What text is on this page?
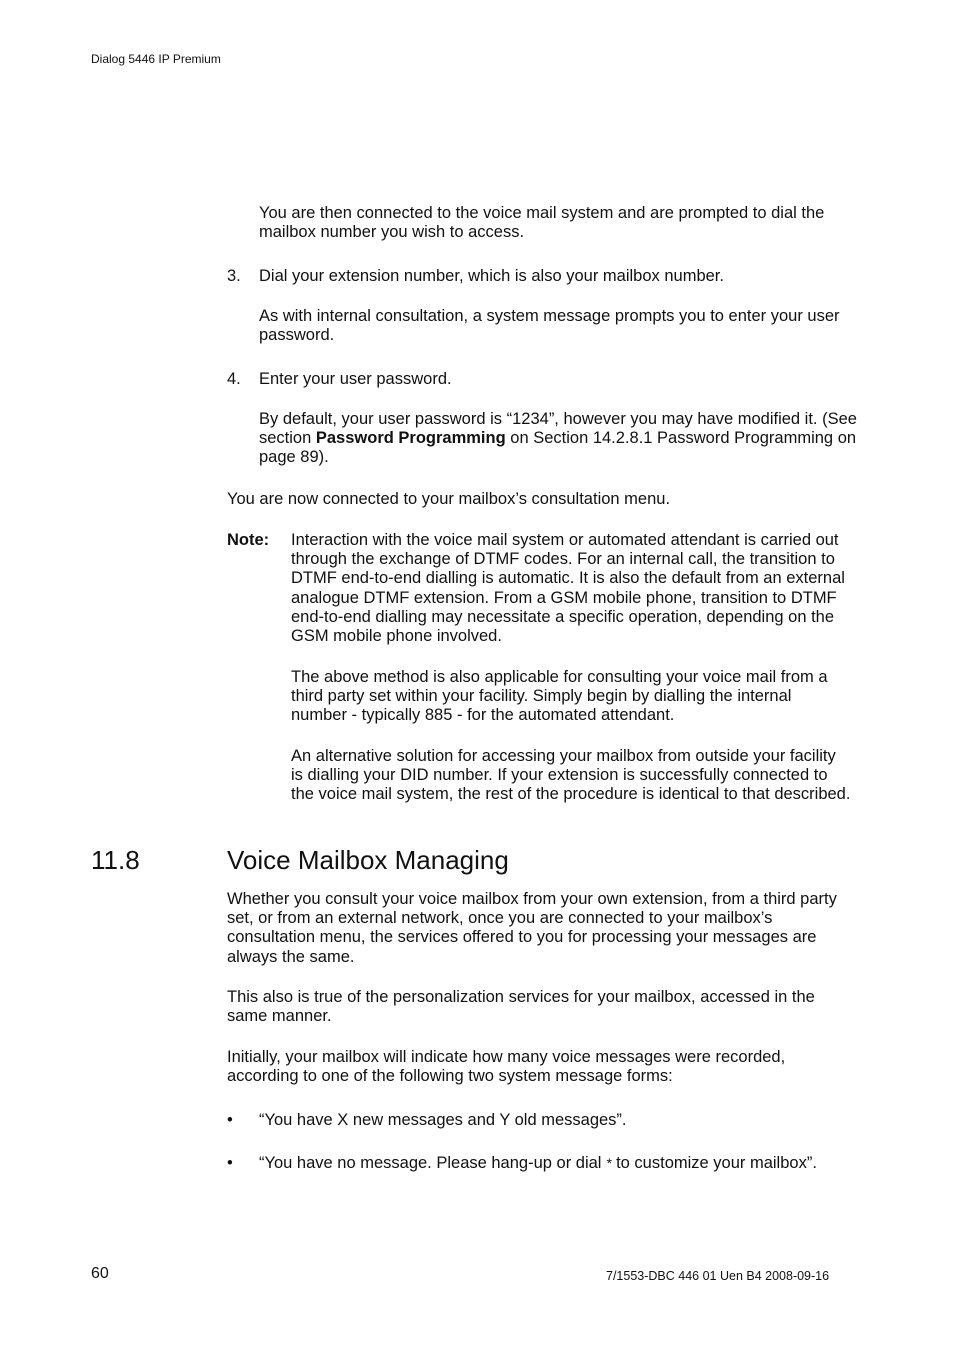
Dialog 5446 IP Premium
You are then connected to the voice mail system and are prompted to dial the mailbox number you wish to access.
3. Dial your extension number, which is also your mailbox number.
As with internal consultation, a system message prompts you to enter your user password.
4. Enter your user password.
By default, your user password is “1234”, however you may have modified it. (See section Password Programming on Section 14.2.8.1 Password Programming on page 89).
You are now connected to your mailbox’s consultation menu.
Note: Interaction with the voice mail system or automated attendant is carried out through the exchange of DTMF codes. For an internal call, the transition to DTMF end-to-end dialling is automatic. It is also the default from an external analogue DTMF extension. From a GSM mobile phone, transition to DTMF end-to-end dialling may necessitate a specific operation, depending on the GSM mobile phone involved.
The above method is also applicable for consulting your voice mail from a third party set within your facility. Simply begin by dialling the internal number - typically 885 - for the automated attendant.
An alternative solution for accessing your mailbox from outside your facility is dialling your DID number. If your extension is successfully connected to the voice mail system, the rest of the procedure is identical to that described.
11.8	Voice Mailbox Managing
Whether you consult your voice mailbox from your own extension, from a third party set, or from an external network, once you are connected to your mailbox’s consultation menu, the services offered to you for processing your messages are always the same.
This also is true of the personalization services for your mailbox, accessed in the same manner.
Initially, your mailbox will indicate how many voice messages were recorded, according to one of the following two system message forms:
• “You have X new messages and Y old messages”.
• “You have no message. Please hang-up or dial * to customize your mailbox”.
60	7/1553-DBC 446 01 Uen B4 2008-09-16
